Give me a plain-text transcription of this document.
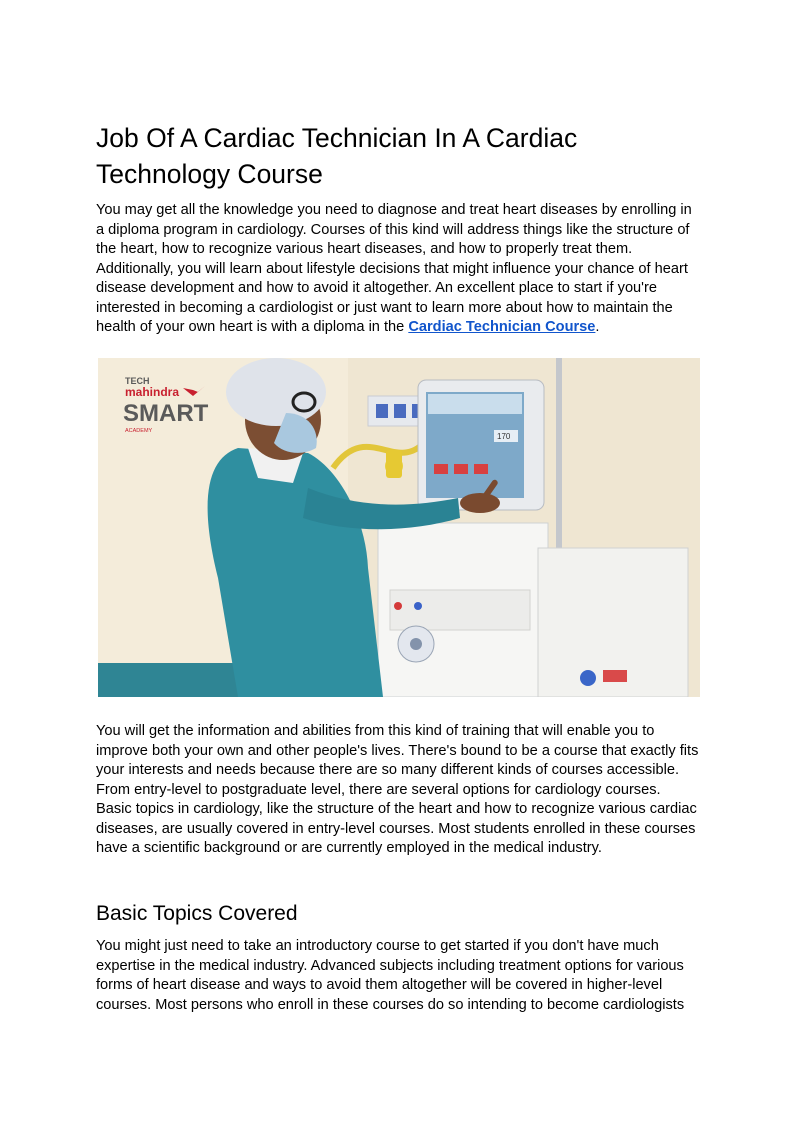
Job Of A Cardiac Technician In A Cardiac Technology Course

You may get all the knowledge you need to diagnose and treat heart diseases by enrolling in a diploma program in cardiology. Courses of this kind will address things like the structure of the heart, how to recognize various heart diseases, and how to properly treat them. Additionally, you will learn about lifestyle decisions that might influence your chance of heart disease development and how to avoid it altogether. An excellent place to start if you're interested in becoming a cardiologist or just want to learn more about how to maintain the health of your own heart is with a diploma in the Cardiac Technician Course.

170
TECH
mahindra
SMART
ACADEMY

You will get the information and abilities from this kind of training that will enable you to improve both your own and other people's lives. There's bound to be a course that exactly fits your interests and needs because there are so many different kinds of courses accessible. From entry-level to postgraduate level, there are several options for cardiology courses. Basic topics in cardiology, like the structure of the heart and how to recognize various cardiac diseases, are usually covered in entry-level courses. Most students enrolled in these courses have a scientific background or are currently employed in the medical industry.

Basic Topics Covered

You might just need to take an introductory course to get started if you don't have much expertise in the medical industry. Advanced subjects including treatment options for various forms of heart disease and ways to avoid them altogether will be covered in higher-level courses. Most persons who enroll in these courses do so intending to become cardiologists
